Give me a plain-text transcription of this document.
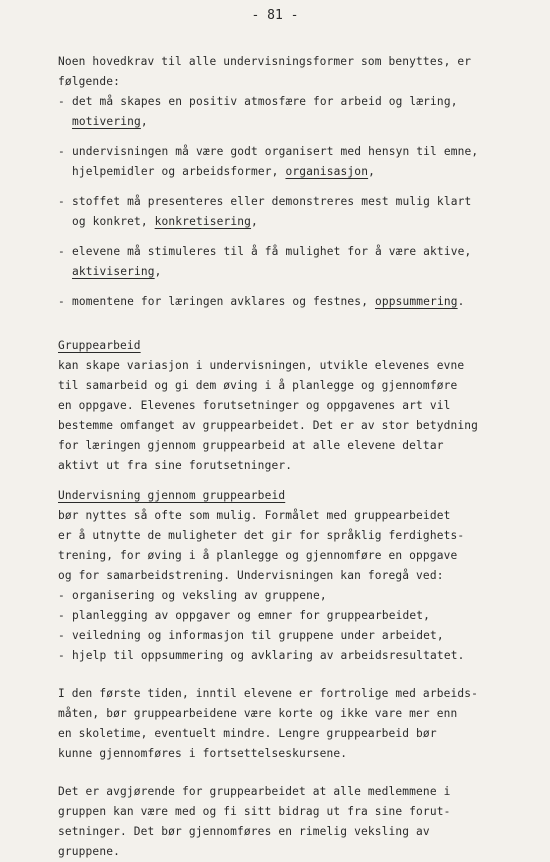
- 81 -

Noen hovedkrav til alle undervisningsformer som benyttes, er
følgende:

- det må skapes en positiv atmosfære for arbeid og læring,
motivering,
- undervisningen må være godt organisert med hensyn til emne,
hjelpemidler og arbeidsformer, organisasjon,
- stoffet må presenteres eller demonstreres mest mulig klart
og konkret, konkretisering,
- elevene må stimuleres til å få mulighet for å være aktive,
aktivisering,
- momentene for læringen avklares og festnes, oppsummering.
Gruppearbeid
kan skape variasjon i undervisningen, utvikle elevenes evne
til samarbeid og gi dem øving i å planlegge og gjennomføre
en oppgave. Elevenes forutsetninger og oppgavenes art vil
bestemme omfanget av gruppearbeidet. Det er av stor betydning
for læringen gjennom gruppearbeid at alle elevene deltar
aktivt ut fra sine forutsetninger.
Undervisning gjennom gruppearbeid
bør nyttes så ofte som mulig. Formålet med gruppearbeidet
er å utnytte de muligheter det gir for språklig ferdighets-
trening, for øving i å planlegge og gjennomføre en oppgave
og for samarbeidstrening. Undervisningen kan foregå ved:
- organisering og veksling av gruppene,
- planlegging av oppgaver og emner for gruppearbeidet,
- veiledning og informasjon til gruppene under arbeidet,
- hjelp til oppsummering og avklaring av arbeidsresultatet.
I den første tiden, inntil elevene er fortrolige med arbeids-
måten, bør gruppearbeidene være korte og ikke vare mer enn
en skoletime, eventuelt mindre. Lengre gruppearbeid bør
kunne gjennomføres i fortsettelseskursene.
Det er avgjørende for gruppearbeidet at alle medlemmene i
gruppen kan være med og fi sitt bidrag ut fra sine forut-
setninger. Det bør gjennomføres en rimelig veksling av
gruppene.
